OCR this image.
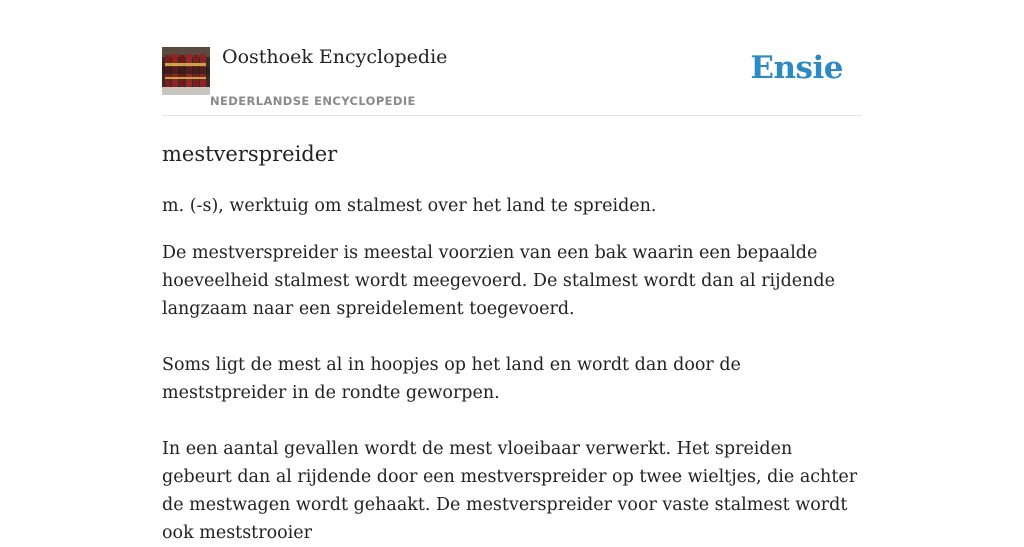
Oosthoek Encyclopedie
NEDERLANDSE ENCYCLOPEDIE
Ensie
mestverspreider

m. (-s), werktuig om stalmest over het land te spreiden.

De mestverspreider is meestal voorzien van een bak waarin een bepaalde hoeveelheid stalmest wordt meegevoerd. De stalmest wordt dan al rijdende langzaam naar een spreidelement toegevoerd.

Soms ligt de mest al in hoopjes op het land en wordt dan door de meststpreider in de rondte geworpen.

In een aantal gevallen wordt de mest vloeibaar verwerkt. Het spreiden gebeurt dan al rijdende door een mestverspreider op twee wieltjes, die achter de mestwagen wordt gehaakt. De mestverspreider voor vaste stalmest wordt ook meststrooier
